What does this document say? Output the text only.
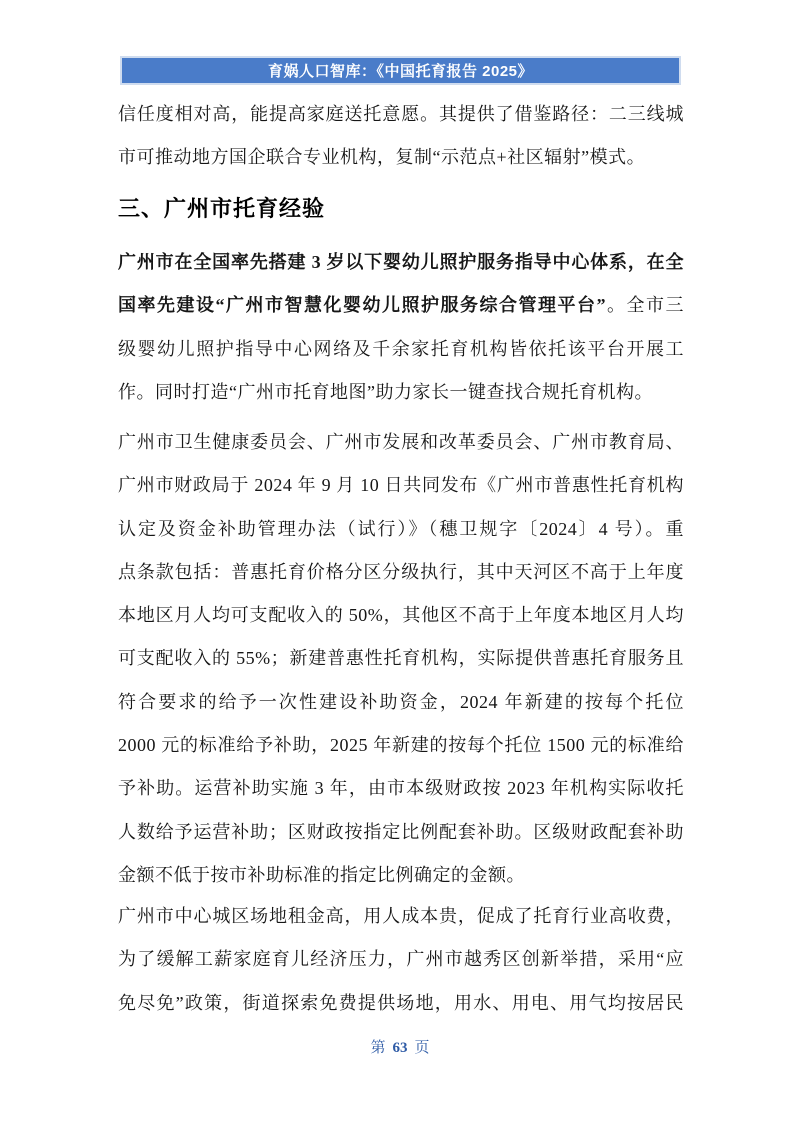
育娲人口智库：《中国托育报告 2025》
三、广州市托育经验
信任度相对高，能提高家庭送托意愿。其提供了借鉴路径：二三线城
市可推动地方国企联合专业机构，复制“示范点+社区辐射”模式。
广州市在全国率先搭建 3 岁以下婴幼儿照护服务指导中心体系，在全
国率先建设“广州市智慧化婴幼儿照护服务综合管理平台”。全市三
级婴幼儿照护指导中心网络及千余家托育机构皆依托该平台开展工
作。同时打造“广州市托育地图”助力家长一键查找合规托育机构。
广州市卫生健康委员会、广州市发展和改革委员会、广州市教育局、
广州市财政局于 2024 年 9 月 10 日共同发布《广州市普惠性托育机构
认定及资金补助管理办法（试行）》（穗卫规字〔2024〕4 号）。重
点条款包括：普惠托育价格分区分级执行，其中天河区不高于上年度
本地区月人均可支配收入的 50%，其他区不高于上年度本地区月人均
可支配收入的 55%；新建普惠性托育机构，实际提供普惠托育服务且
符合要求的给予一次性建设补助资金，2024 年新建的按每个托位
2000 元的标准给予补助，2025 年新建的按每个托位 1500 元的标准给
予补助。运营补助实施 3 年，由市本级财政按 2023 年机构实际收托
人数给予运营补助；区财政按指定比例配套补助。区级财政配套补助
金额不低于按市补助标准的指定比例确定的金额。
广州市中心城区场地租金高，用人成本贵，促成了托育行业高收费，
为了缓解工薪家庭育儿经济压力，广州市越秀区创新举措，采用“应
免尽免”政策，街道探索免费提供场地，用水、用电、用气均按居民
第 63 页
